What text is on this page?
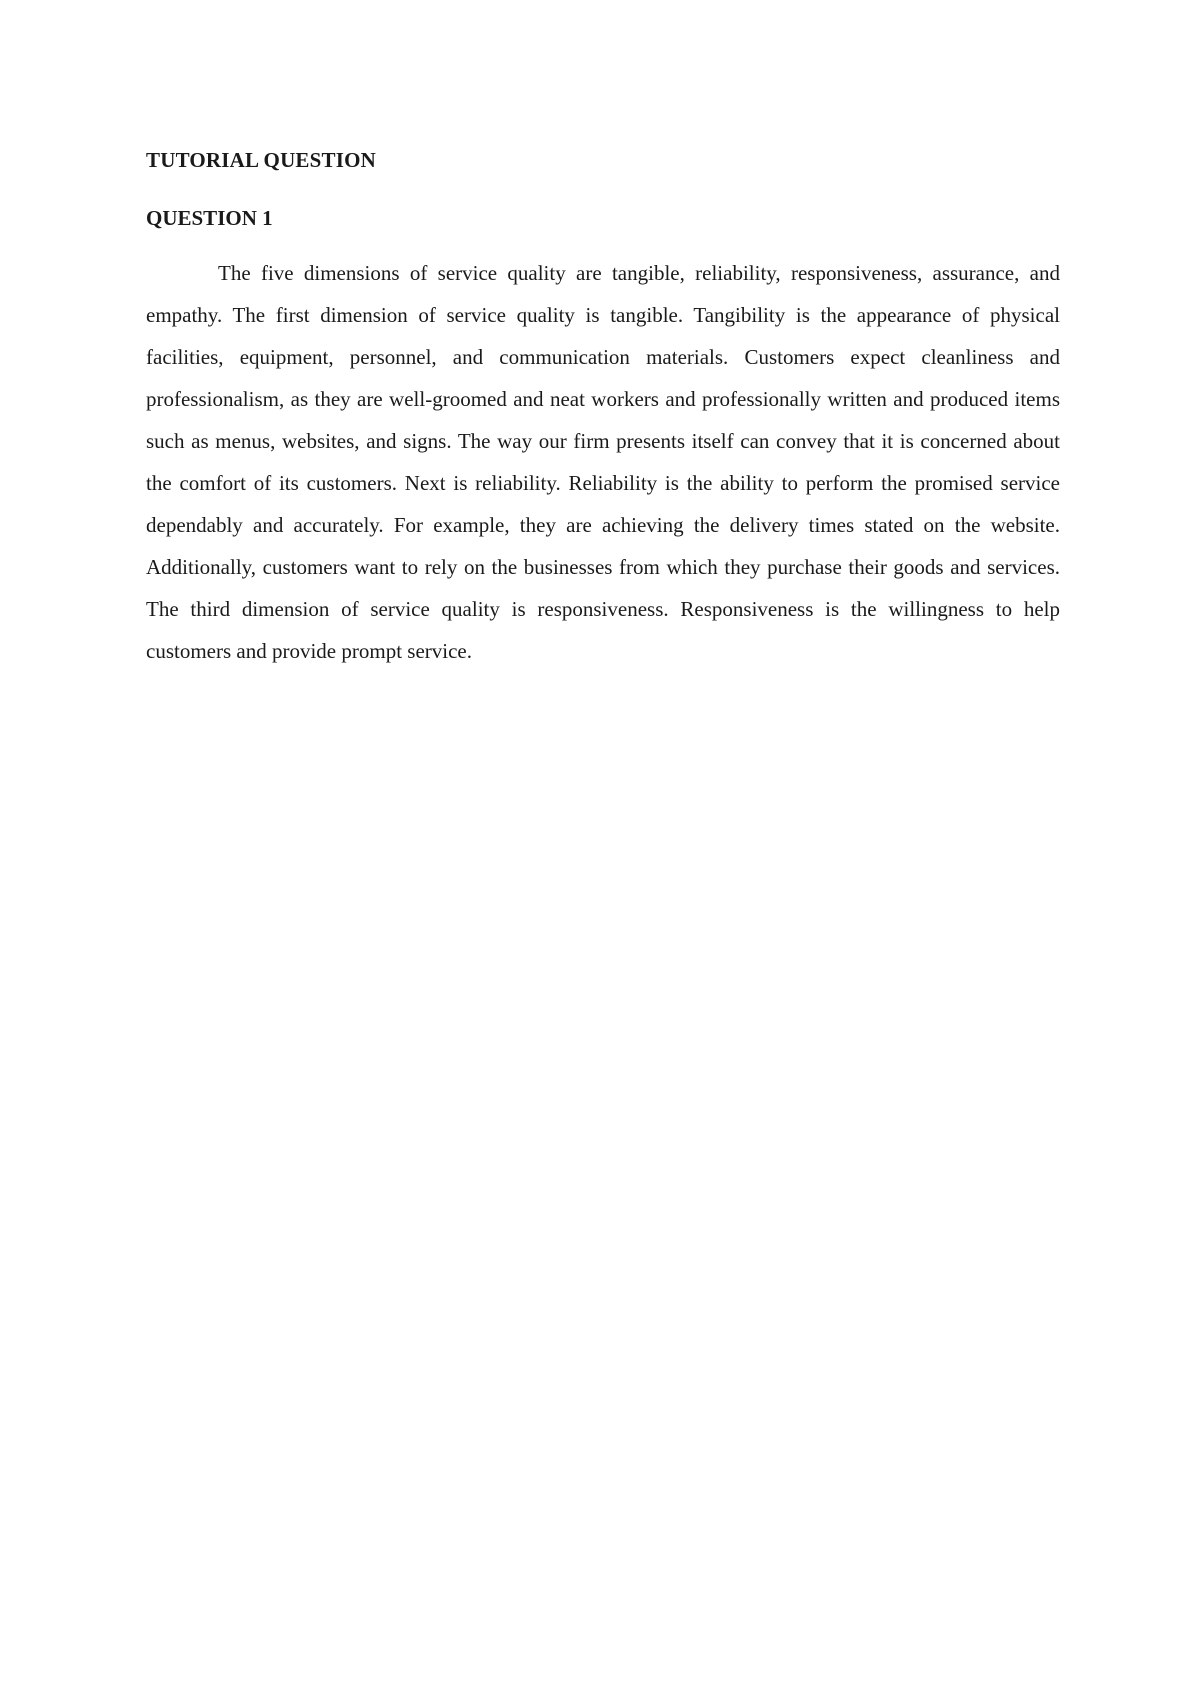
TUTORIAL QUESTION
QUESTION 1

The five dimensions of service quality are tangible, reliability, responsiveness, assurance, and empathy. The first dimension of service quality is tangible. Tangibility is the appearance of physical facilities, equipment, personnel, and communication materials. Customers expect cleanliness and professionalism, as they are well-groomed and neat workers and professionally written and produced items such as menus, websites, and signs. The way our firm presents itself can convey that it is concerned about the comfort of its customers. Next is reliability. Reliability is the ability to perform the promised service dependably and accurately. For example, they are achieving the delivery times stated on the website. Additionally, customers want to rely on the businesses from which they purchase their goods and services. The third dimension of service quality is responsiveness. Responsiveness is the willingness to help customers and provide prompt service.
